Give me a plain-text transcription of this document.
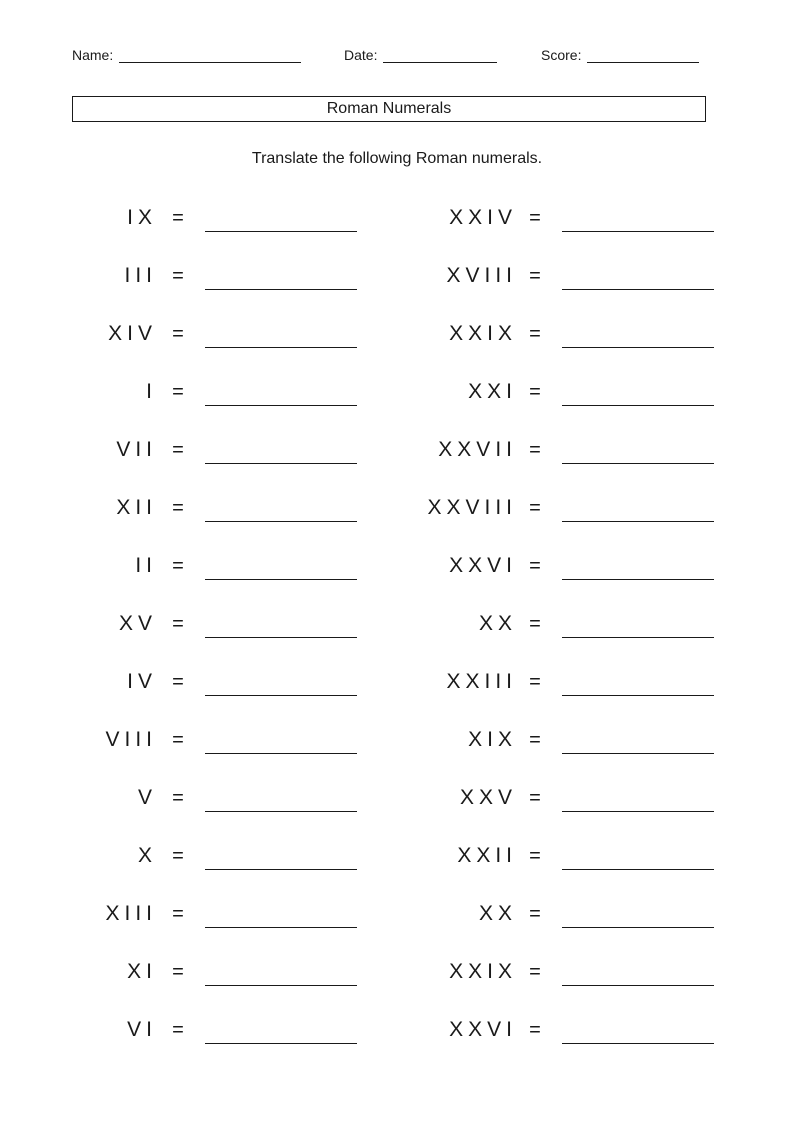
Name:	Date:	Score:
Roman Numerals
Translate the following Roman numerals.
IX =
III =
XIV =
I =
VII =
XII =
II =
XV =
IV =
VIII =
V =
X =
XIII =
XI =
VI =
XXIV =
XVIII =
XXIX =
XXI =
XXVII =
XXVIII =
XXVI =
XX =
XXIII =
XIX =
XXV =
XXII =
XX =
XXIX =
XXVI =
